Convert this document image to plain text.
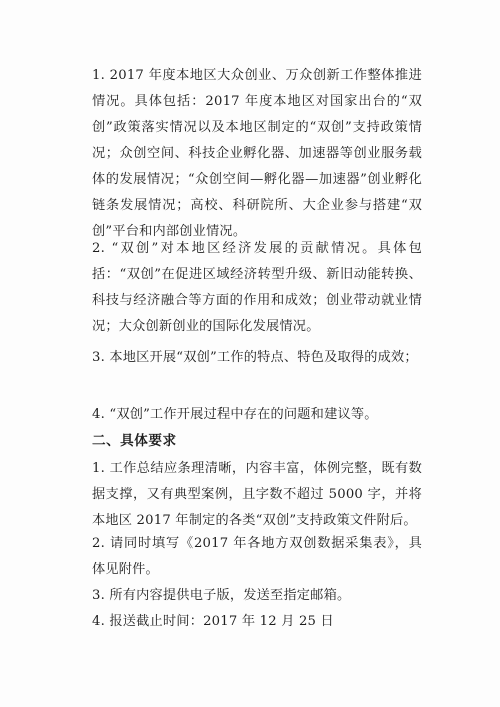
1. 2017 年度本地区大众创业、万众创新工作整体推进情况。具体包括：2017 年度本地区对国家出台的“双创”政策落实情况以及本地区制定的“双创”支持政策情况；众创空间、科技企业孵化器、加速器等创业服务载体的发展情况；“众创空间—孵化器—加速器”创业孵化链条发展情况；高校、科研院所、大企业参与搭建“双创”平台和内部创业情况。
2. “双创”对本地区经济发展的贡献情况。具体包括：“双创”在促进区域经济转型升级、新旧动能转换、科技与经济融合等方面的作用和成效；创业带动就业情况；大众创新创业的国际化发展情况。
3. 本地区开展“双创”工作的特点、特色及取得的成效；
4. “双创”工作开展过程中存在的问题和建议等。
二、具体要求
1. 工作总结应条理清晰，内容丰富，体例完整，既有数据支撑，又有典型案例，且字数不超过 5000 字，并将本地区 2017 年制定的各类“双创”支持政策文件附后。
2. 请同时填写《2017 年各地方双创数据采集表》，具体见附件。
3. 所有内容提供电子版，发送至指定邮箱。
4. 报送截止时间：2017 年 12 月 25 日
